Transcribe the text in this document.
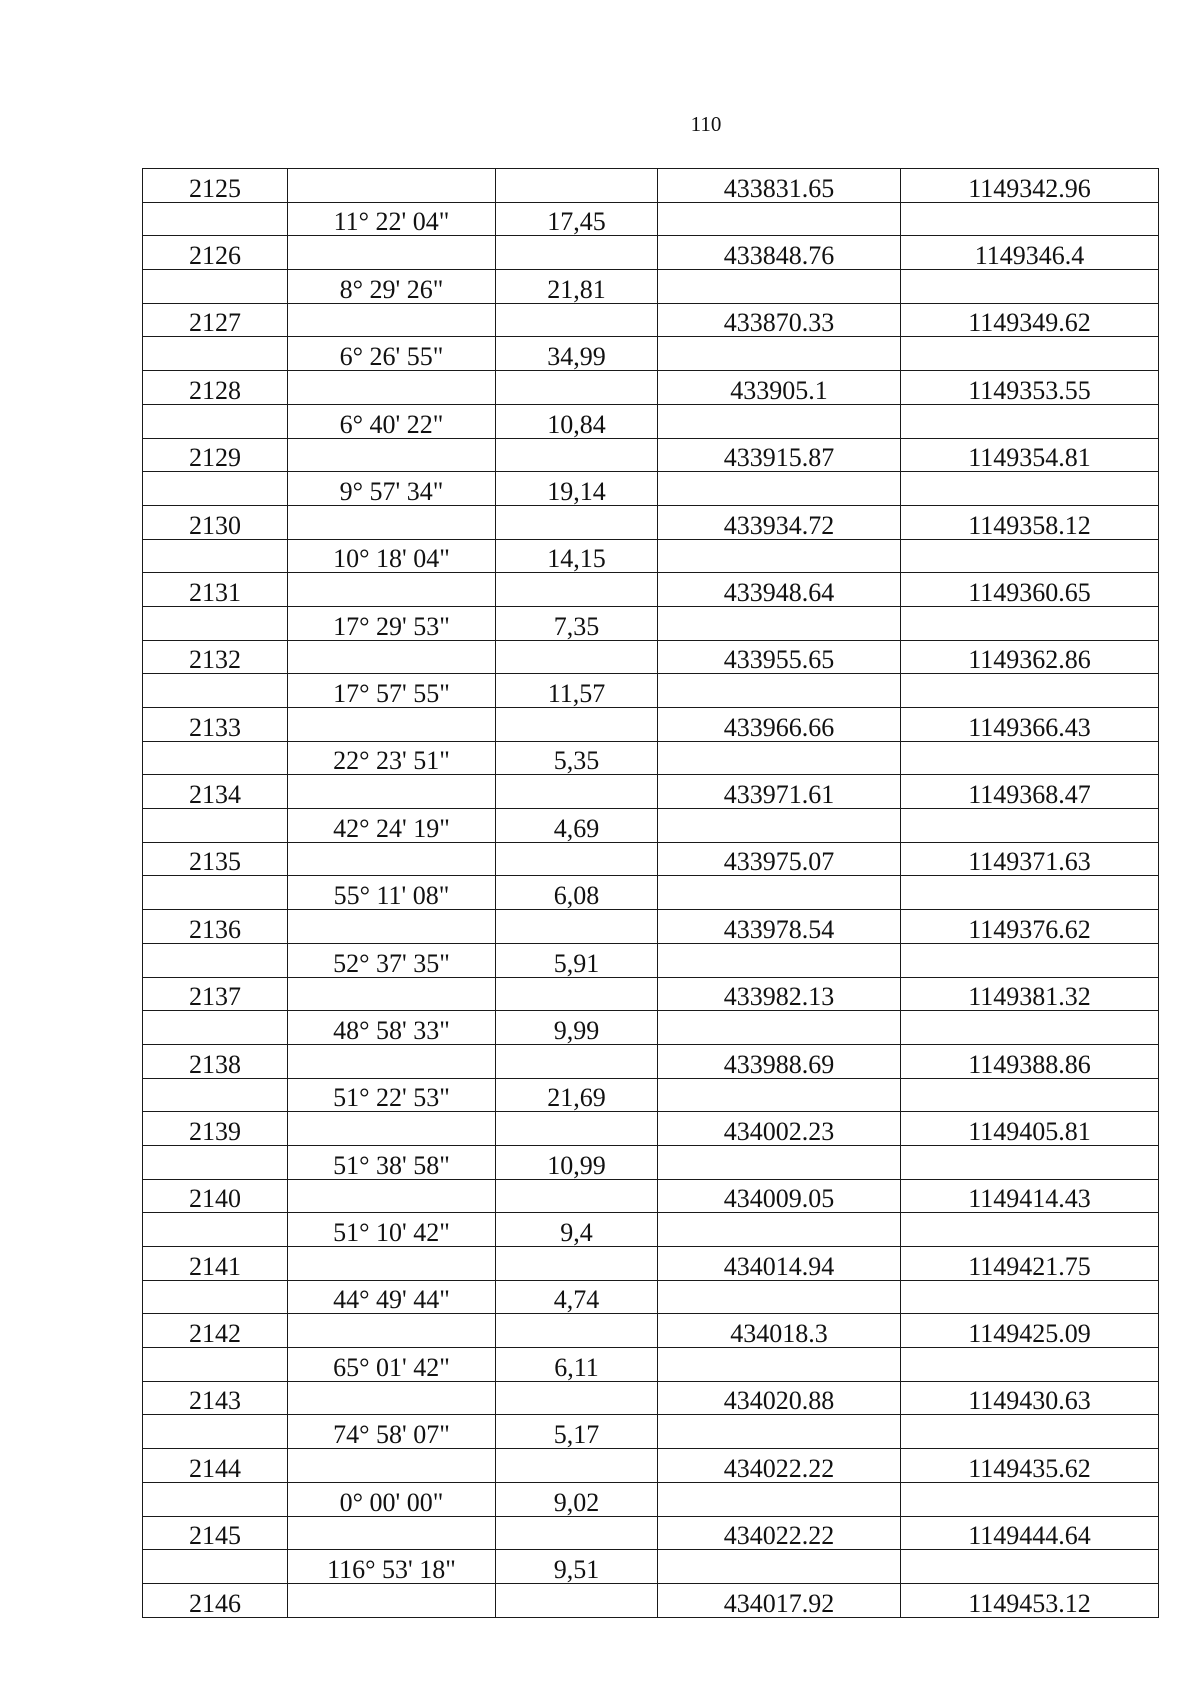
110
2125			433831.65	1149342.96
	11° 22' 04"	17,45		
2126			433848.76	1149346.4
	8° 29' 26"	21,81		
2127			433870.33	1149349.62
	6° 26' 55"	34,99		
2128			433905.1	1149353.55
	6° 40' 22"	10,84		
2129			433915.87	1149354.81
	9° 57' 34"	19,14		
2130			433934.72	1149358.12
	10° 18' 04"	14,15		
2131			433948.64	1149360.65
	17° 29' 53"	7,35		
2132			433955.65	1149362.86
	17° 57' 55"	11,57		
2133			433966.66	1149366.43
	22° 23' 51"	5,35		
2134			433971.61	1149368.47
	42° 24' 19"	4,69		
2135			433975.07	1149371.63
	55° 11' 08"	6,08		
2136			433978.54	1149376.62
	52° 37' 35"	5,91		
2137			433982.13	1149381.32
	48° 58' 33"	9,99		
2138			433988.69	1149388.86
	51° 22' 53"	21,69		
2139			434002.23	1149405.81
	51° 38' 58"	10,99		
2140			434009.05	1149414.43
	51° 10' 42"	9,4		
2141			434014.94	1149421.75
	44° 49' 44"	4,74		
2142			434018.3	1149425.09
	65° 01' 42"	6,11		
2143			434020.88	1149430.63
	74° 58' 07"	5,17		
2144			434022.22	1149435.62
	0° 00' 00"	9,02		
2145			434022.22	1149444.64
	116° 53' 18"	9,51		
2146			434017.92	1149453.12
